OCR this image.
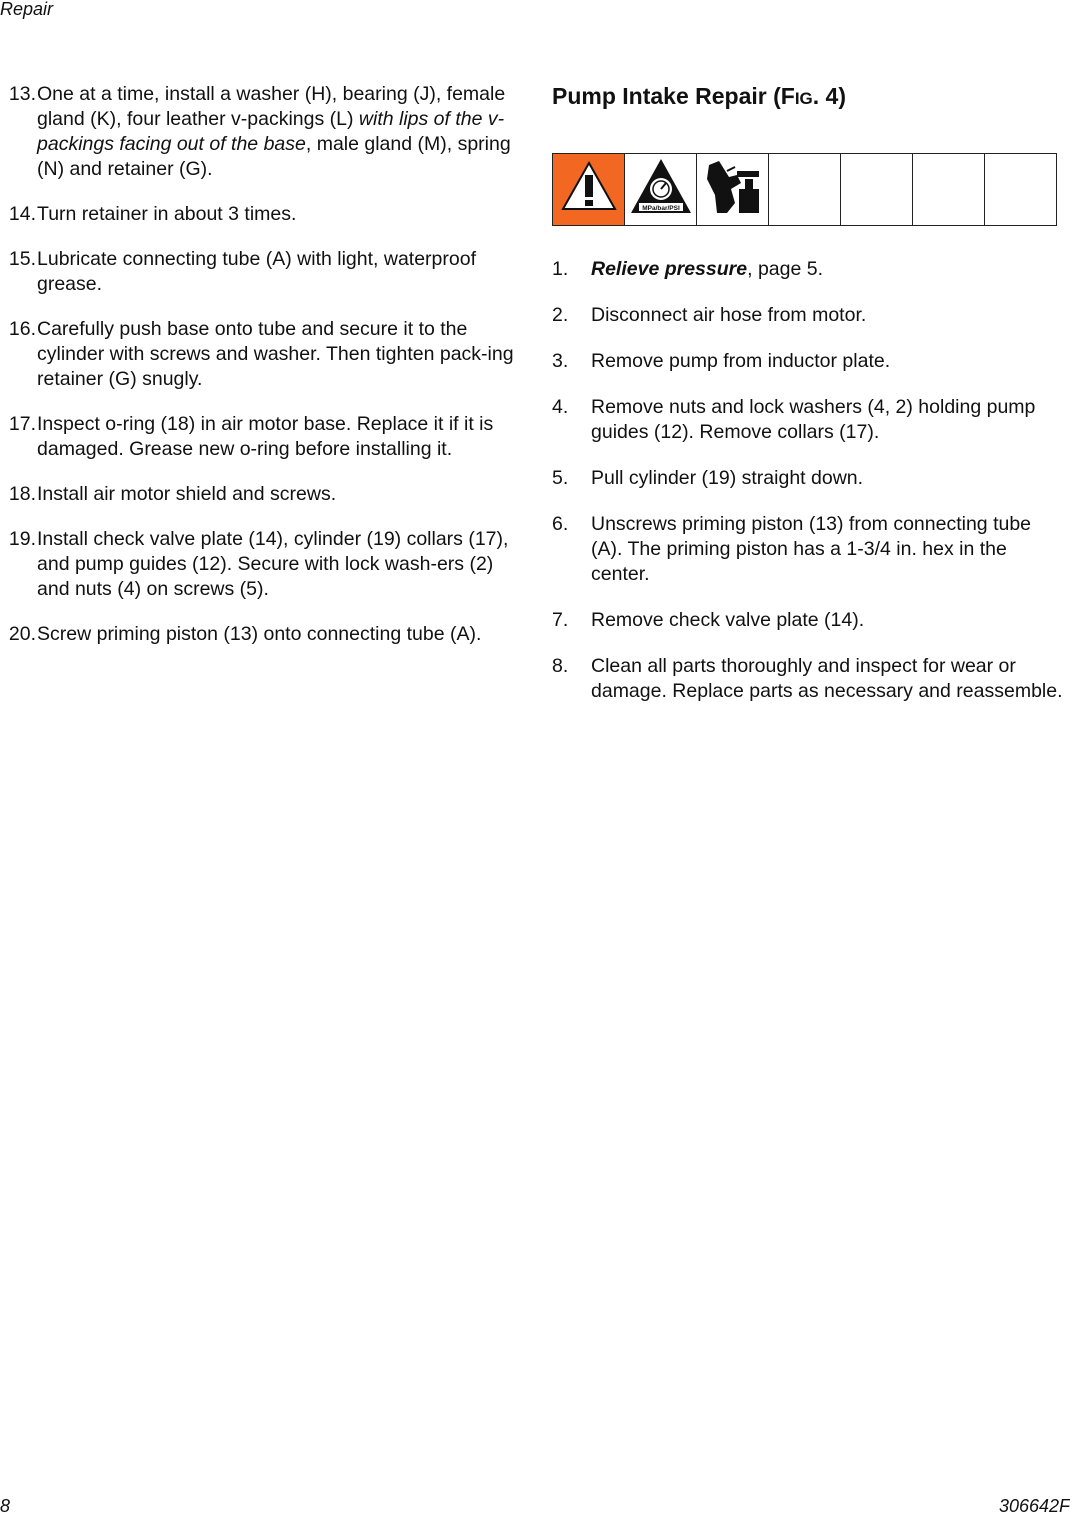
Repair
13. One at a time, install a washer (H), bearing (J), female gland (K), four leather v-packings (L) with lips of the v-packings facing out of the base, male gland (M), spring (N) and retainer (G).
14. Turn retainer in about 3 times.
15. Lubricate connecting tube (A) with light, waterproof grease.
16. Carefully push base onto tube and secure it to the cylinder with screws and washer. Then tighten pack-ing retainer (G) snugly.
17. Inspect o-ring (18) in air motor base. Replace it if it is damaged. Grease new o-ring before installing it.
18. Install air motor shield and screws.
19. Install check valve plate (14), cylinder (19) collars (17), and pump guides (12). Secure with lock wash-ers (2) and nuts (4) on screws (5).
20. Screw priming piston (13) onto connecting tube (A).
Pump Intake Repair (FIG. 4)

MPa/bar/PSI

1.	Relieve pressure, page 5.
2.	Disconnect air hose from motor.
3.	Remove pump from inductor plate.
4.	Remove nuts and lock washers (4, 2) holding pump guides (12). Remove collars (17).
5.	Pull cylinder (19) straight down.
6.	Unscrews priming piston (13) from connecting tube (A). The priming piston has a 1-3/4 in. hex in the center.
7.	Remove check valve plate (14).
8.	Clean all parts thoroughly and inspect for wear or damage. Replace parts as necessary and reassemble.
8	306642F
